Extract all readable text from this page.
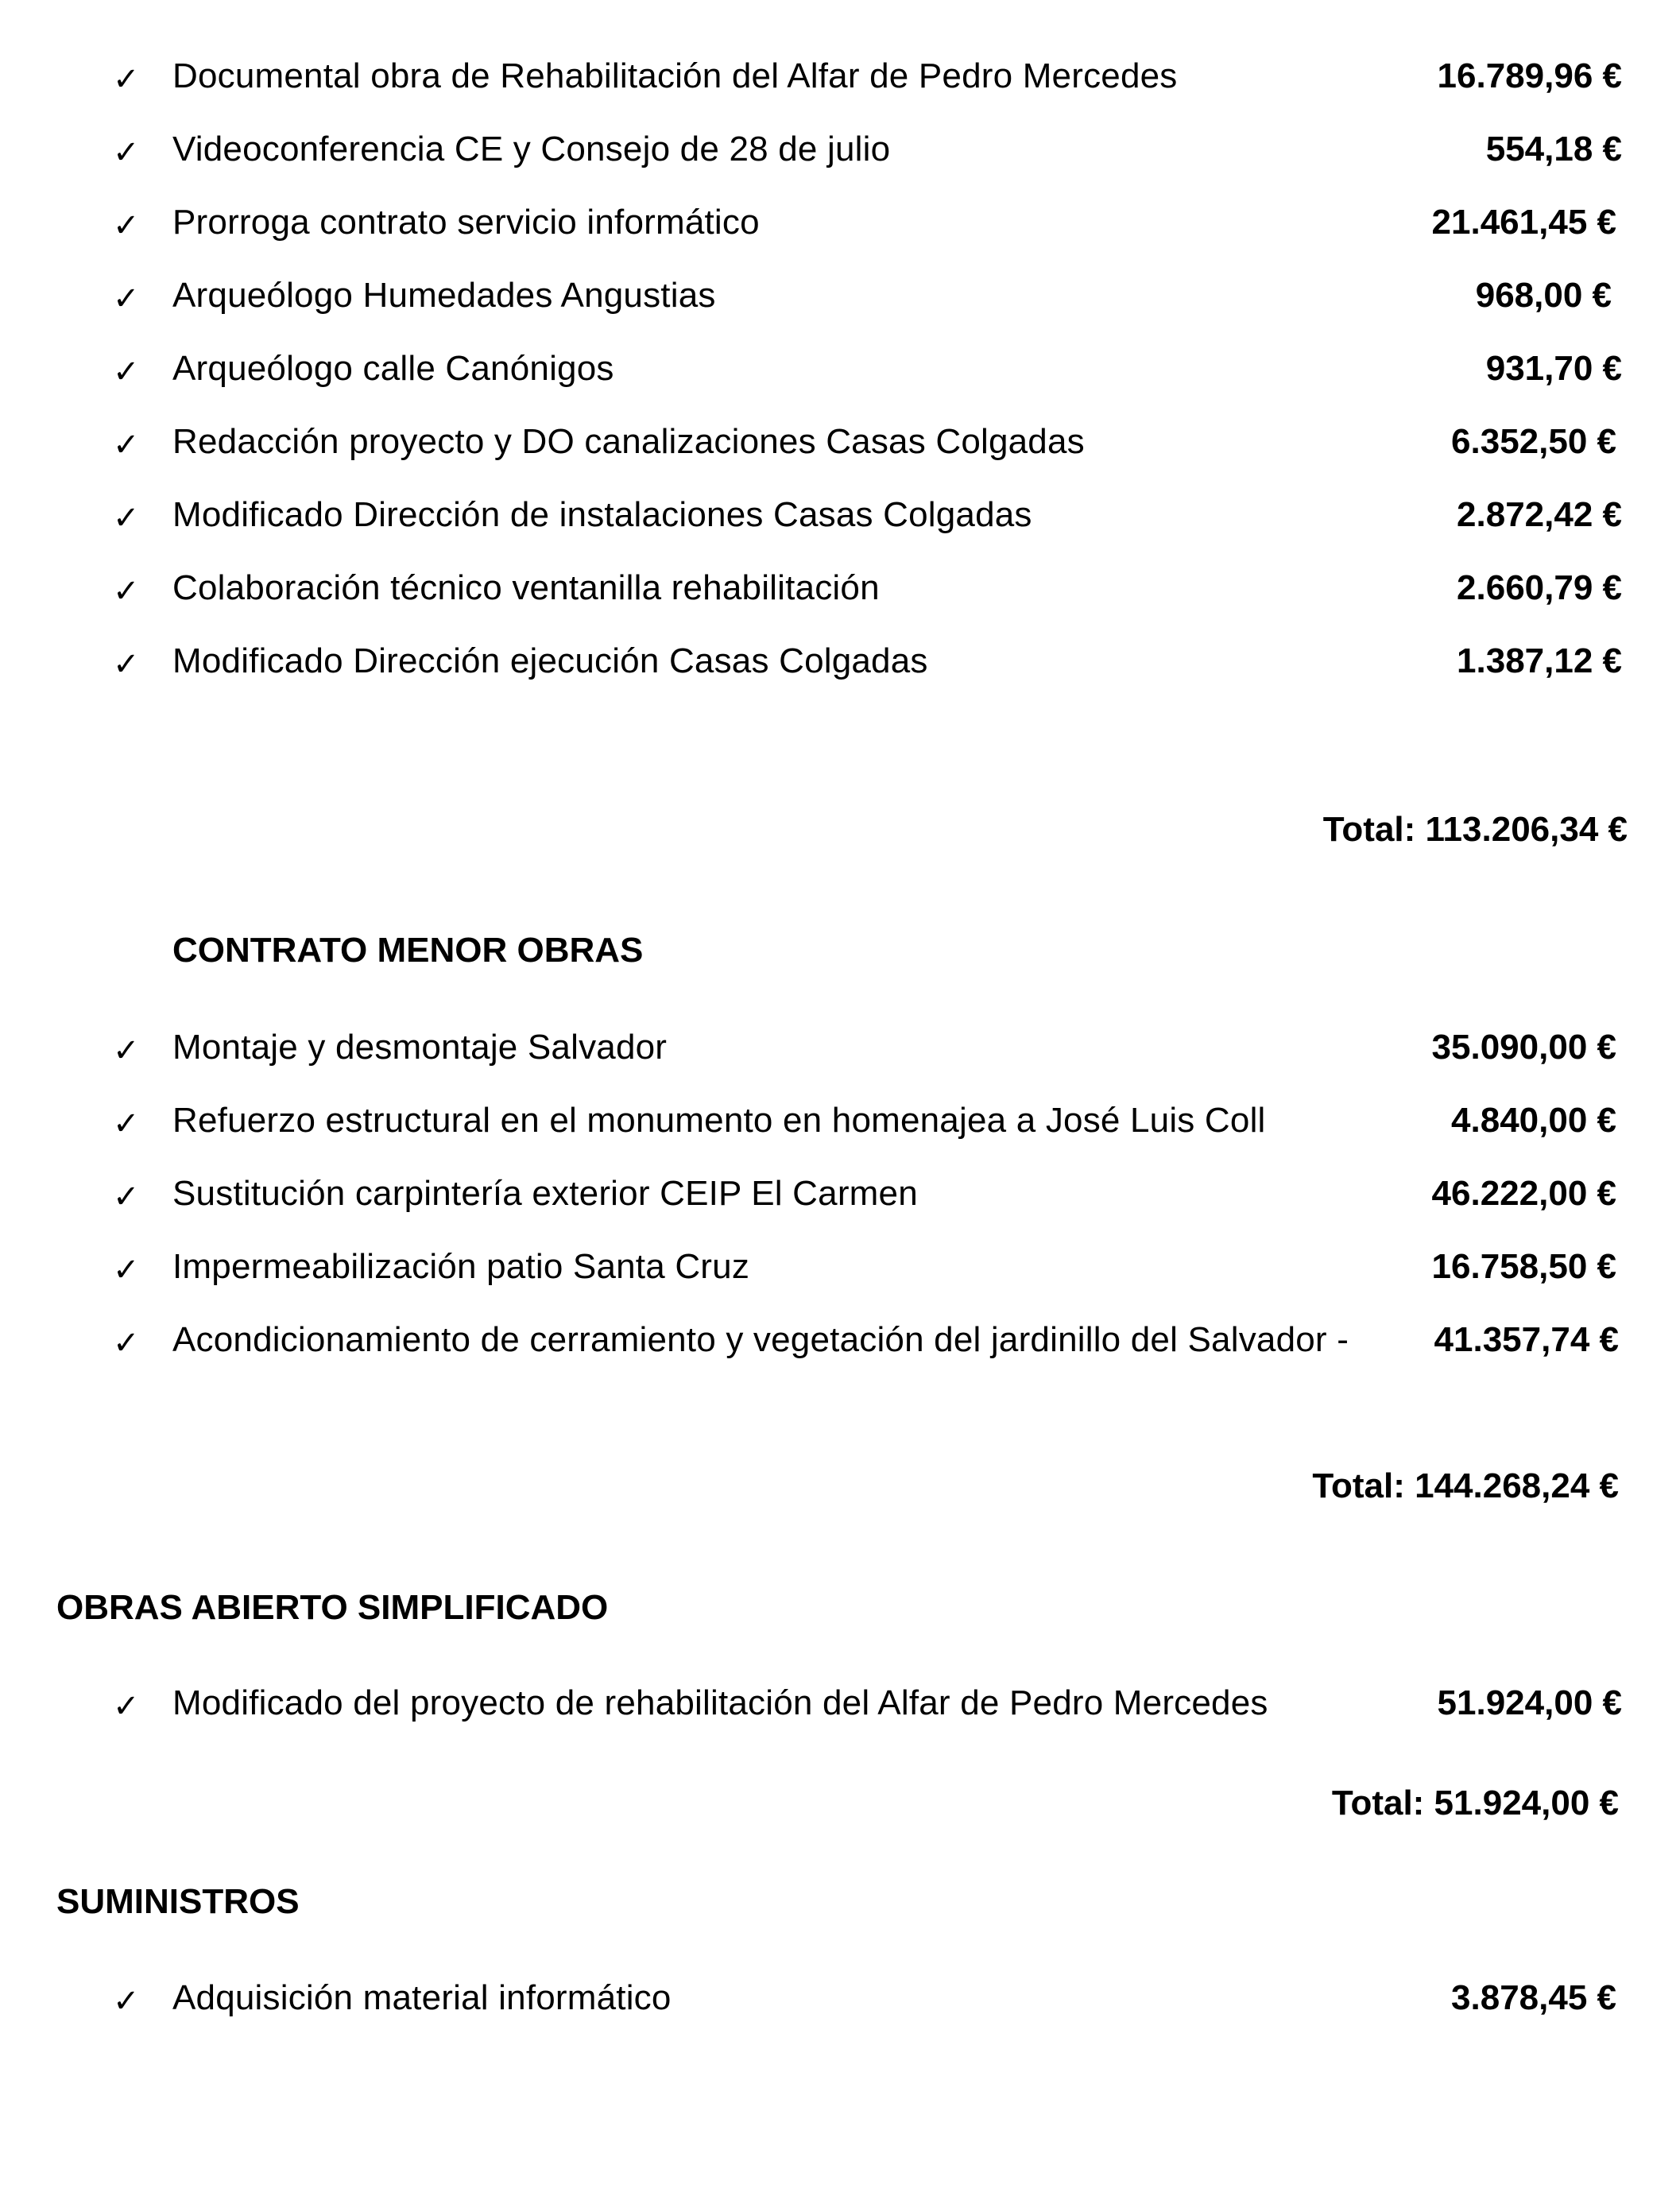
✓ Documental obra de Rehabilitación del Alfar de Pedro Mercedes	16.789,96 €
✓ Videoconferencia CE y Consejo de 28 de julio	554,18 €
✓ Prorroga contrato servicio informático	21.461,45 €
✓ Arqueólogo Humedades Angustias	968,00 €
✓ Arqueólogo calle Canónigos	931,70 €
✓ Redacción proyecto y DO canalizaciones Casas Colgadas	6.352,50 €
✓ Modificado Dirección de instalaciones Casas Colgadas	2.872,42 €
✓ Colaboración técnico ventanilla rehabilitación	2.660,79 €
✓ Modificado Dirección ejecución Casas Colgadas	1.387,12 €
Total: 113.206,34 €
CONTRATO MENOR OBRAS
✓ Montaje y desmontaje Salvador	35.090,00 €
✓ Refuerzo estructural en el monumento en homenajea a José Luis Coll	4.840,00 €
✓ Sustitución carpintería exterior CEIP El Carmen	46.222,00 €
✓ Impermeabilización patio Santa Cruz	16.758,50 €
✓ Acondicionamiento de cerramiento y vegetación del jardinillo del Salvador - 41.357,74 €
Total: 144.268,24 €
OBRAS ABIERTO SIMPLIFICADO
✓ Modificado del proyecto de rehabilitación del Alfar de Pedro Mercedes	51.924,00 €
Total: 51.924,00 €
SUMINISTROS
✓ Adquisición material informático	3.878,45 €
